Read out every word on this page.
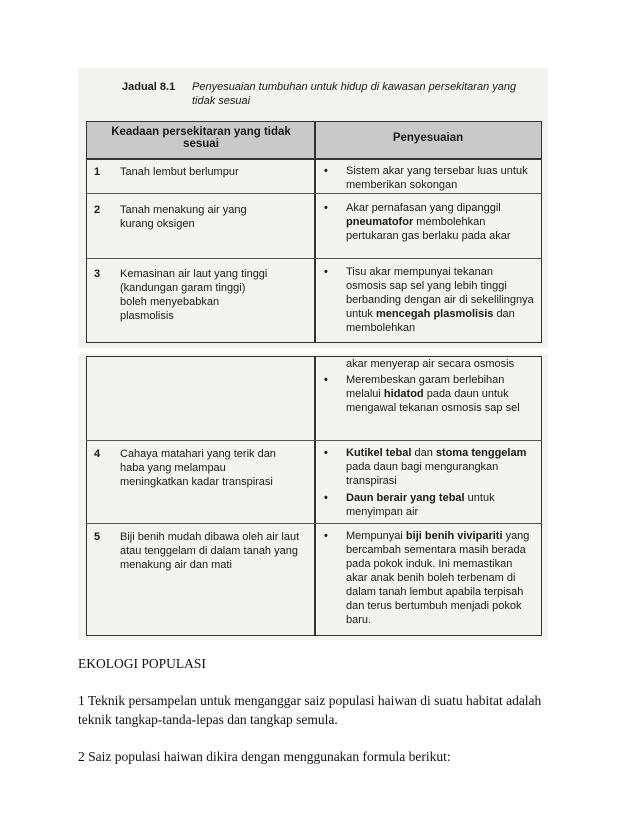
Jadual 8.1 Penyesuaian tumbuhan untuk hidup di kawasan persekitaran yang tidak sesuai
Keadaan persekitaran yang tidak sesuai	Penyesuaian
1 Tanah lembut berlumpur	• Sistem akar yang tersebar luas untuk memberikan sokongan
2 Tanah menakung air yang kurang oksigen
• Akar pernafasan yang dipanggil pneumatofor membolehkan pertukaran gas berlaku pada akar
3 Kemasinan air laut yang tinggi (kandungan garam tinggi) boleh menyebabkan plasmolisis
• Tisu akar mempunyai tekanan osmosis sap sel yang lebih tinggi berbanding dengan air di sekelilingnya untuk mencegah plasmolisis dan membolehkan
akar menyerap air secara osmosis
• Merembeskan garam berlebihan melalui hidatod pada daun untuk mengawal tekanan osmosis sap sel
4 Cahaya matahari yang terik dan haba yang melampau meningkatkan kadar transpirasi
• Kutikel tebal dan stoma tenggelam pada daun bagi mengurangkan transpirasi
• Daun berair yang tebal untuk menyimpan air
5 Biji benih mudah dibawa oleh air laut atau tenggelam di dalam tanah yang menakung air dan mati
• Mempunyai biji benih vivipariti yang bercambah sementara masih berada pada pokok induk. Ini memastikan akar anak benih boleh terbenam di dalam tanah lembut apabila terpisah dan terus bertumbuh menjadi pokok baru.
EKOLOGI POPULASI
1 Teknik persampelan untuk menganggar saiz populasi haiwan di suatu habitat adalah teknik tangkap-tanda-lepas dan tangkap semula.
2 Saiz populasi haiwan dikira dengan menggunakan formula berikut:
